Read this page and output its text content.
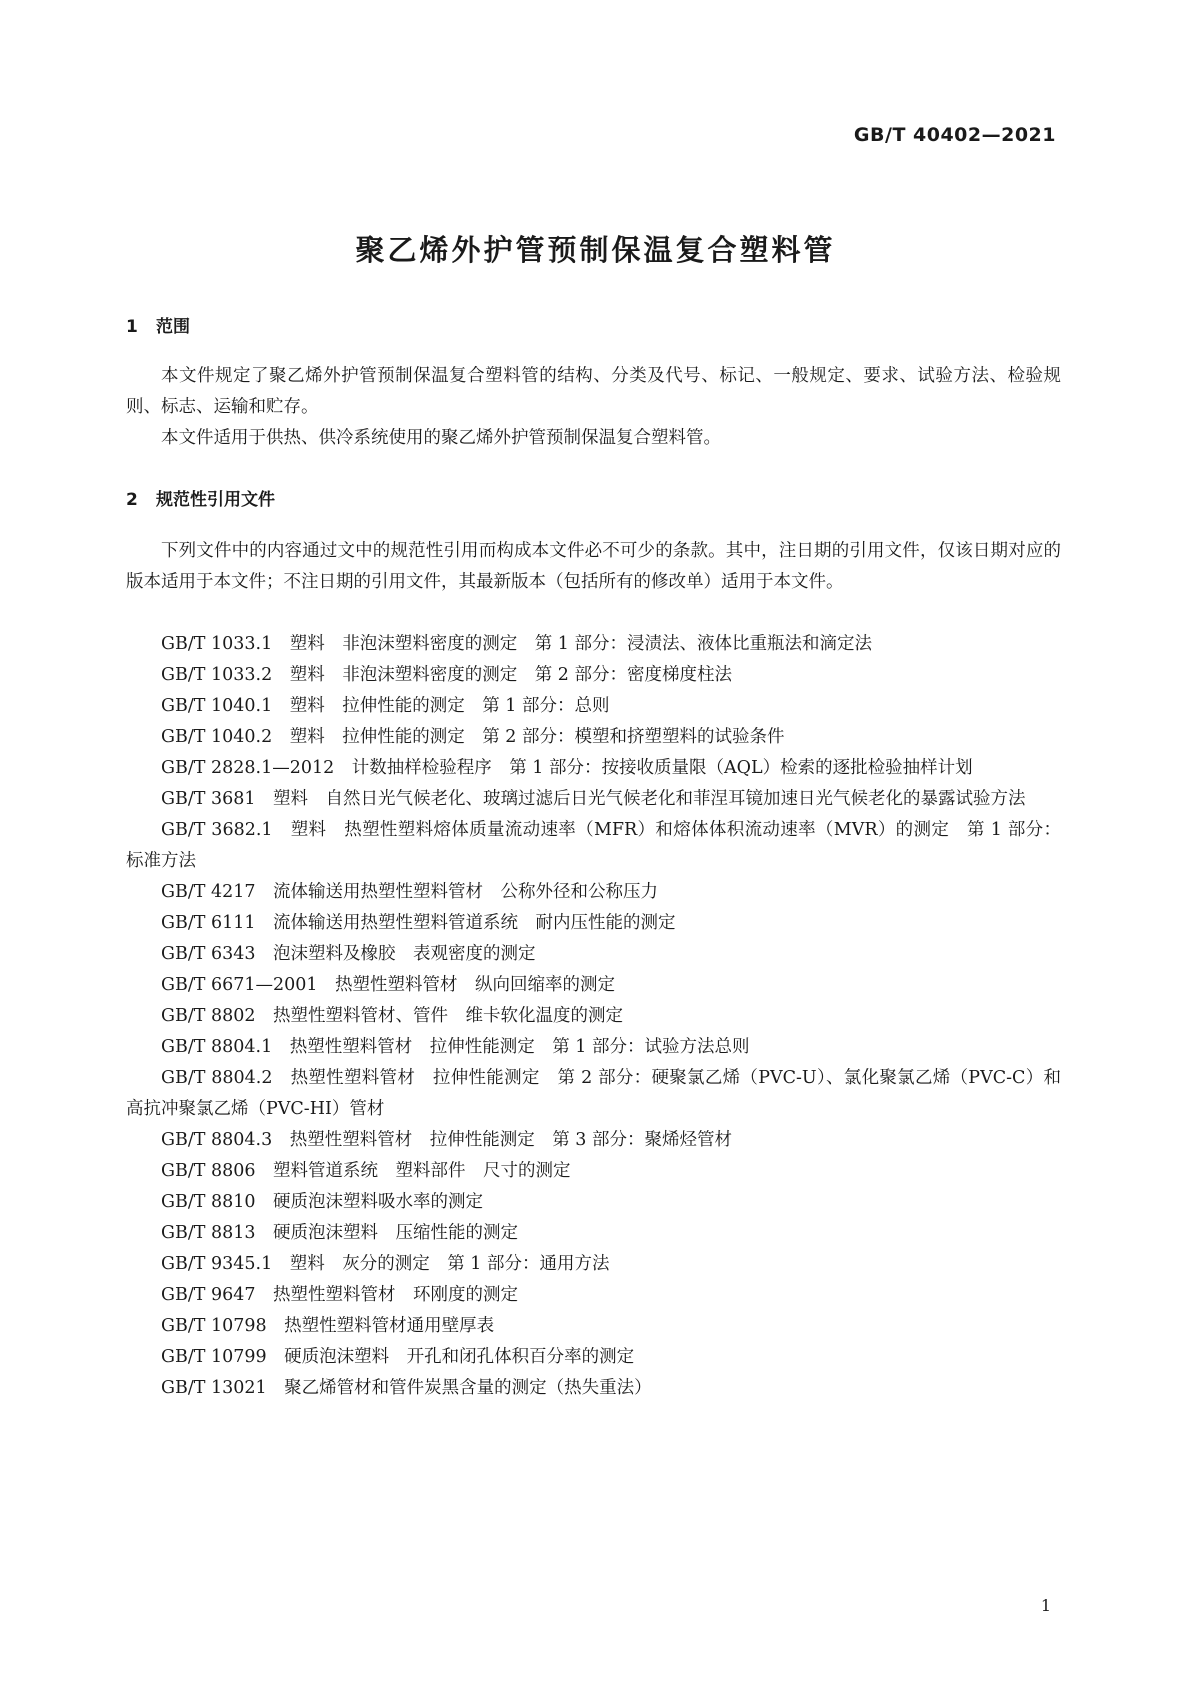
GB/T 40402—2021
聚乙烯外护管预制保温复合塑料管
1 范围

本文件规定了聚乙烯外护管预制保温复合塑料管的结构、分类及代号、标记、一般规定、要求、试验方法、检验规则、标志、运输和贮存。

本文件适用于供热、供冷系统使用的聚乙烯外护管预制保温复合塑料管。

2 规范性引用文件

下列文件中的内容通过文中的规范性引用而构成本文件必不可少的条款。其中，注日期的引用文件，仅该日期对应的版本适用于本文件；不注日期的引用文件，其最新版本（包括所有的修改单）适用于本文件。

GB/T 1033.1　塑料　非泡沫塑料密度的测定　第 1 部分：浸渍法、液体比重瓶法和滴定法
GB/T 1033.2　塑料　非泡沫塑料密度的测定　第 2 部分：密度梯度柱法
GB/T 1040.1　塑料　拉伸性能的测定　第 1 部分：总则
GB/T 1040.2　塑料　拉伸性能的测定　第 2 部分：模塑和挤塑塑料的试验条件
GB/T 2828.1—2012　计数抽样检验程序　第 1 部分：按接收质量限（AQL）检索的逐批检验抽样计划
GB/T 3681　塑料　自然日光气候老化、玻璃过滤后日光气候老化和菲涅耳镜加速日光气候老化的暴露试验方法
GB/T 3682.1　塑料　热塑性塑料熔体质量流动速率（MFR）和熔体体积流动速率（MVR）的测定　第 1 部分：标准方法
GB/T 4217　流体输送用热塑性塑料管材　公称外径和公称压力
GB/T 6111　流体输送用热塑性塑料管道系统　耐内压性能的测定
GB/T 6343　泡沫塑料及橡胶　表观密度的测定
GB/T 6671—2001　热塑性塑料管材　纵向回缩率的测定
GB/T 8802　热塑性塑料管材、管件　维卡软化温度的测定
GB/T 8804.1　热塑性塑料管材　拉伸性能测定　第 1 部分：试验方法总则
GB/T 8804.2　热塑性塑料管材　拉伸性能测定　第 2 部分：硬聚氯乙烯（PVC-U）、氯化聚氯乙烯（PVC-C）和高抗冲聚氯乙烯（PVC-HI）管材
GB/T 8804.3　热塑性塑料管材　拉伸性能测定　第 3 部分：聚烯烃管材
GB/T 8806　塑料管道系统　塑料部件　尺寸的测定
GB/T 8810　硬质泡沫塑料吸水率的测定
GB/T 8813　硬质泡沫塑料　压缩性能的测定
GB/T 9345.1　塑料　灰分的测定　第 1 部分：通用方法
GB/T 9647　热塑性塑料管材　环刚度的测定
GB/T 10798　热塑性塑料管材通用壁厚表
GB/T 10799　硬质泡沫塑料　开孔和闭孔体积百分率的测定
GB/T 13021　聚乙烯管材和管件炭黑含量的测定（热失重法）
1
